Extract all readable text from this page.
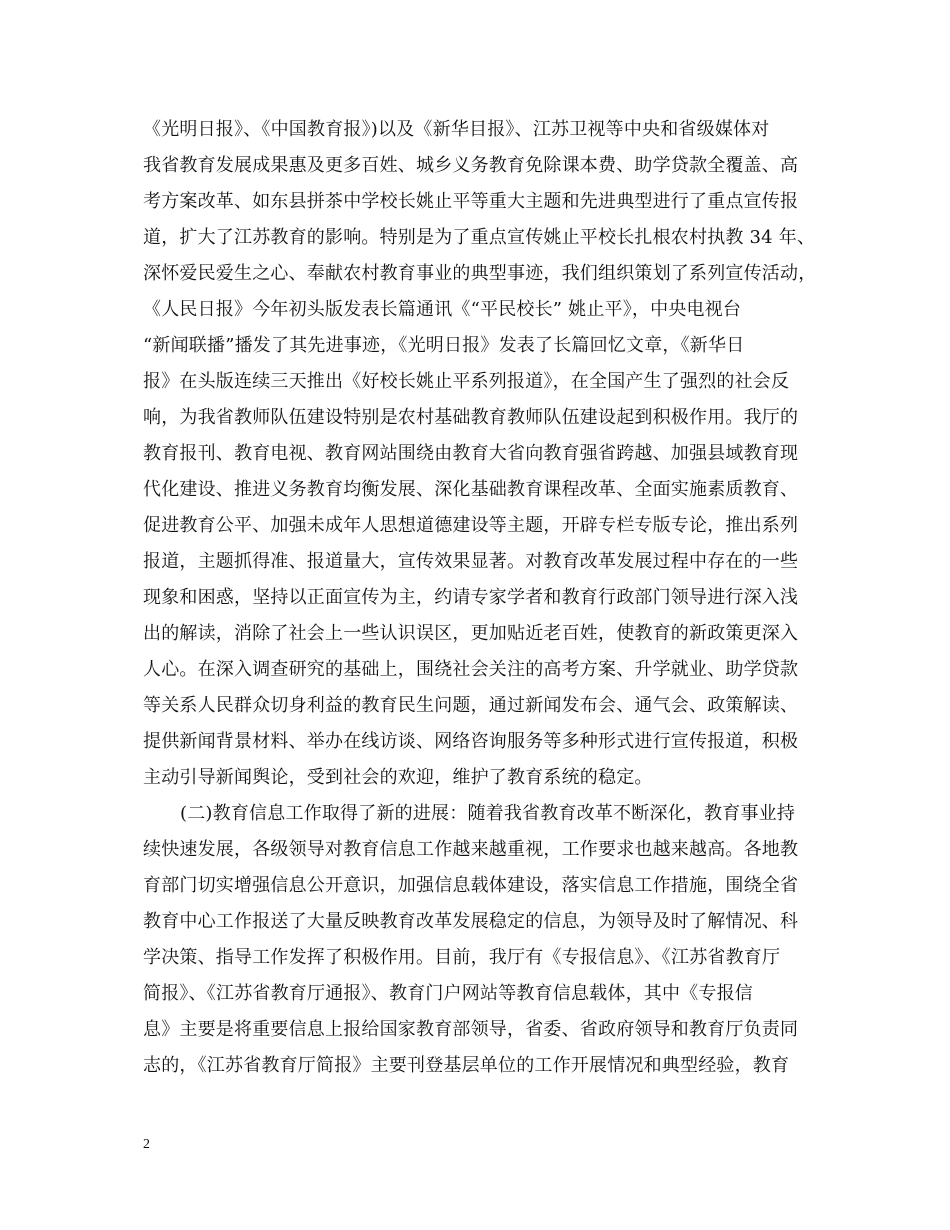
《光明日报》、《中国教育报》)以及《新华目报》、江苏卫视等中央和省级媒体对
我省教育发展成果惠及更多百姓、城乡义务教育免除课本费、助学贷款全覆盖、高
考方案改革、如东县拼茶中学校长姚止平等重大主题和先进典型进行了重点宣传报
道，扩大了江苏教育的影响。特别是为了重点宣传姚止平校长扎根农村执教 34 年、
深怀爱民爱生之心、奉献农村教育事业的典型事迹，我们组织策划了系列宣传活动，
《人民日报》今年初头版发表长篇通讯《“平民校长” 姚止平》，中央电视台
“新闻联播”播发了其先进事迹，《光明日报》发表了长篇回忆文章，《新华日
报》在头版连续三天推出《好校长姚止平系列报道》，在全国产生了强烈的社会反
响，为我省教师队伍建设特别是农村基础教育教师队伍建设起到积极作用。我厅的
教育报刊、教育电视、教育网站围绕由教育大省向教育强省跨越、加强县域教育现
代化建设、推进义务教育均衡发展、深化基础教育课程改革、全面实施素质教育、
促进教育公平、加强未成年人思想道德建设等主题，开辟专栏专版专论，推出系列
报道，主题抓得准、报道量大，宣传效果显著。对教育改革发展过程中存在的一些
现象和困惑，坚持以正面宣传为主，约请专家学者和教育行政部门领导进行深入浅
出的解读，消除了社会上一些认识误区，更加贴近老百姓，使教育的新政策更深入
人心。在深入调查研究的基础上，围绕社会关注的高考方案、升学就业、助学贷款
等关系人民群众切身利益的教育民生问题，通过新闻发布会、通气会、政策解读、
提供新闻背景材料、举办在线访谈、网络咨询服务等多种形式进行宣传报道，积极
主动引导新闻舆论，受到社会的欢迎，维护了教育系统的稳定。
(二)教育信息工作取得了新的进展：随着我省教育改革不断深化，教育事业持
续快速发展，各级领导对教育信息工作越来越重视，工作要求也越来越高。各地教
育部门切实增强信息公开意识，加强信息载体建设，落实信息工作措施，围绕全省
教育中心工作报送了大量反映教育改革发展稳定的信息，为领导及时了解情况、科
学决策、指导工作发挥了积极作用。目前，我厅有《专报信息》、《江苏省教育厅
简报》、《江苏省教育厅通报》、教育门户网站等教育信息载体，其中《专报信
息》主要是将重要信息上报给国家教育部领导，省委、省政府领导和教育厅负责同
志的，《江苏省教育厅简报》主要刊登基层单位的工作开展情况和典型经验，教育
2
